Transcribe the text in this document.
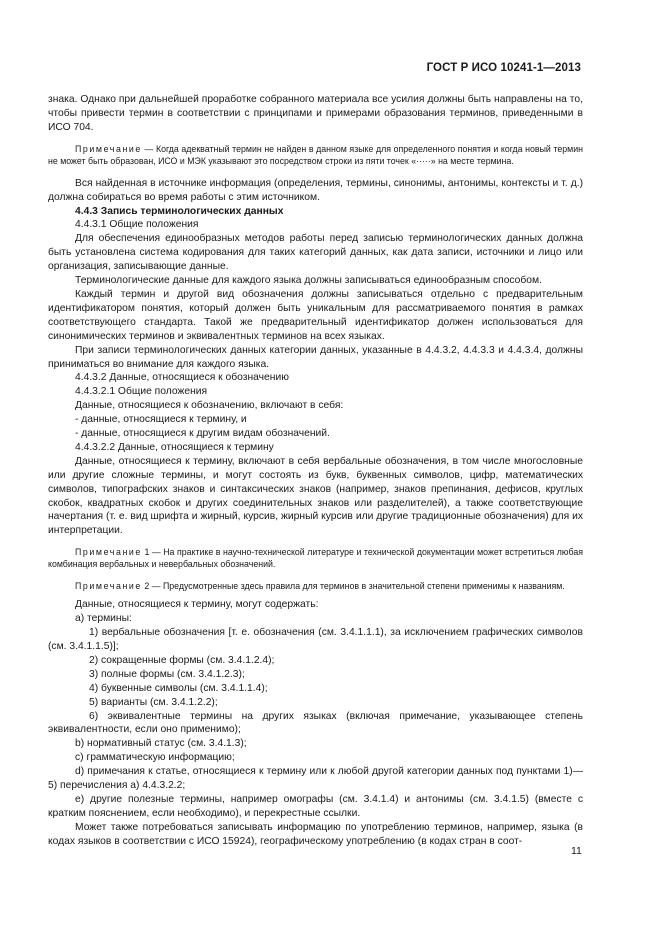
ГОСТ Р ИСО 10241-1—2013

знака. Однако при дальнейшей проработке собранного материала все усилия должны быть направлены на то, чтобы привести термин в соответствии с принципами и примерами образования терминов, приведенными в ИСО 704.

Примечание — Когда адекватный термин не найден в данном языке для определенного понятия и когда новый термин не может быть образован, ИСО и МЭК указывают это посредством строки из пяти точек «·····» на месте термина.

Вся найденная в источнике информация (определения, термины, синонимы, антонимы, контексты и т. д.) должна собираться во время работы с этим источником.

4.4.3 Запись терминологических данных

4.4.3.1 Общие положения

Для обеспечения единообразных методов работы перед записью терминологических данных должна быть установлена система кодирования для таких категорий данных, как дата записи, источники и лицо или организация, записывающие данные.

Терминологические данные для каждого языка должны записываться единообразным способом.

Каждый термин и другой вид обозначения должны записываться отдельно с предварительным идентификатором понятия, который должен быть уникальным для рассматриваемого понятия в рамках соответствующего стандарта. Такой же предварительный идентификатор должен использоваться для синонимических терминов и эквивалентных терминов на всех языках.

При записи терминологических данных категории данных, указанные в 4.4.3.2, 4.4.3.3 и 4.4.3.4, должны приниматься во внимание для каждого языка.

4.4.3.2 Данные, относящиеся к обозначению

4.4.3.2.1 Общие положения

Данные, относящиеся к обозначению, включают в себя:

- данные, относящиеся к термину, и

- данные, относящиеся к другим видам обозначений.

4.4.3.2.2 Данные, относящиеся к термину

Данные, относящиеся к термину, включают в себя вербальные обозначения, в том числе многословные или другие сложные термины, и могут состоять из букв, буквенных символов, цифр, математических символов, типографских знаков и синтаксических знаков (например, знаков препинания, дефисов, круглых скобок, квадратных скобок и других соединительных знаков или разделителей), а также соответствующие начертания (т. е. вид шрифта и жирный, курсив, жирный курсив или другие традиционные обозначения) для их интерпретации.

Примечание 1 — На практике в научно-технической литературе и технической документации может встретиться любая комбинация вербальных и невербальных обозначений.

Примечание 2 — Предусмотренные здесь правила для терминов в значительной степени применимы к названиям.

Данные, относящиеся к термину, могут содержать:

a) термины:

1) вербальные обозначения [т. е. обозначения (см. 3.4.1.1.1), за исключением графических символов (см. 3.4.1.1.5)];

2) сокращенные формы (см. 3.4.1.2.4);

3) полные формы (см. 3.4.1.2.3);

4) буквенные символы (см. 3.4.1.1.4);

5) варианты (см. 3.4.1.2.2);

6) эквивалентные термины на других языках (включая примечание, указывающее степень эквивалентности, если оно применимо);

b) нормативный статус (см. 3.4.1.3);

c) грамматическую информацию;

d) примечания к статье, относящиеся к термину или к любой другой категории данных под пунктами 1)—5) перечисления a) 4.4.3.2.2;

e) другие полезные термины, например омографы (см. 3.4.1.4) и антонимы (см. 3.4.1.5) (вместе с кратким пояснением, если необходимо), и перекрестные ссылки.

Может также потребоваться записывать информацию по употреблению терминов, например, языка (в кодах языков в соответствии с ИСО 15924), географическому употреблению (в кодах стран в соот-

11
